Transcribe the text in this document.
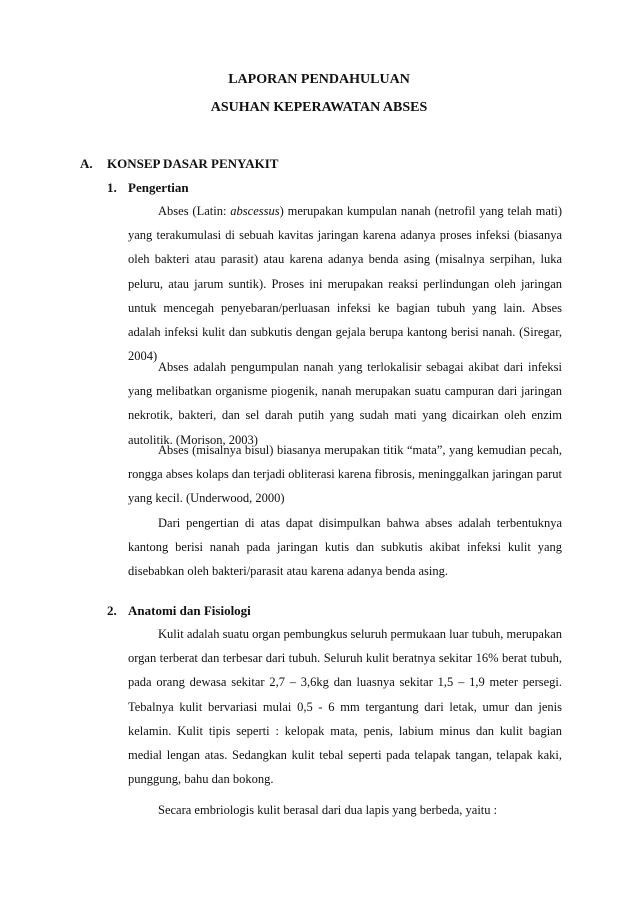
LAPORAN PENDAHULUAN
ASUHAN KEPERAWATAN ABSES
A. KONSEP DASAR PENYAKIT
1. Pengertian

Abses (Latin: abscessus) merupakan kumpulan nanah (netrofil yang telah mati) yang terakumulasi di sebuah kavitas jaringan karena adanya proses infeksi (biasanya oleh bakteri atau parasit) atau karena adanya benda asing (misalnya serpihan, luka peluru, atau jarum suntik). Proses ini merupakan reaksi perlindungan oleh jaringan untuk mencegah penyebaran/perluasan infeksi ke bagian tubuh yang lain. Abses adalah infeksi kulit dan subkutis dengan gejala berupa kantong berisi nanah. (Siregar, 2004)

Abses adalah pengumpulan nanah yang terlokalisir sebagai akibat dari infeksi yang melibatkan organisme piogenik, nanah merupakan suatu campuran dari jaringan nekrotik, bakteri, dan sel darah putih yang sudah mati yang dicairkan oleh enzim autolitik. (Morison, 2003)

Abses (misalnya bisul) biasanya merupakan titik “mata”, yang kemudian pecah, rongga abses kolaps dan terjadi obliterasi karena fibrosis, meninggalkan jaringan parut yang kecil. (Underwood, 2000)

Dari pengertian di atas dapat disimpulkan bahwa abses adalah terbentuknya kantong berisi nanah pada jaringan kutis dan subkutis akibat infeksi kulit yang disebabkan oleh bakteri/parasit atau karena adanya benda asing.

2. Anatomi dan Fisiologi

Kulit adalah suatu organ pembungkus seluruh permukaan luar tubuh, merupakan organ terberat dan terbesar dari tubuh. Seluruh kulit beratnya sekitar 16% berat tubuh, pada orang dewasa sekitar 2,7 – 3,6kg dan luasnya sekitar 1,5 – 1,9 meter persegi. Tebalnya kulit bervariasi mulai 0,5 - 6 mm tergantung dari letak, umur dan jenis kelamin. Kulit tipis seperti : kelopak mata, penis, labium minus dan kulit bagian medial lengan atas. Sedangkan kulit tebal seperti pada telapak tangan, telapak kaki, punggung, bahu dan bokong.

Secara embriologis kulit berasal dari dua lapis yang berbeda, yaitu :
